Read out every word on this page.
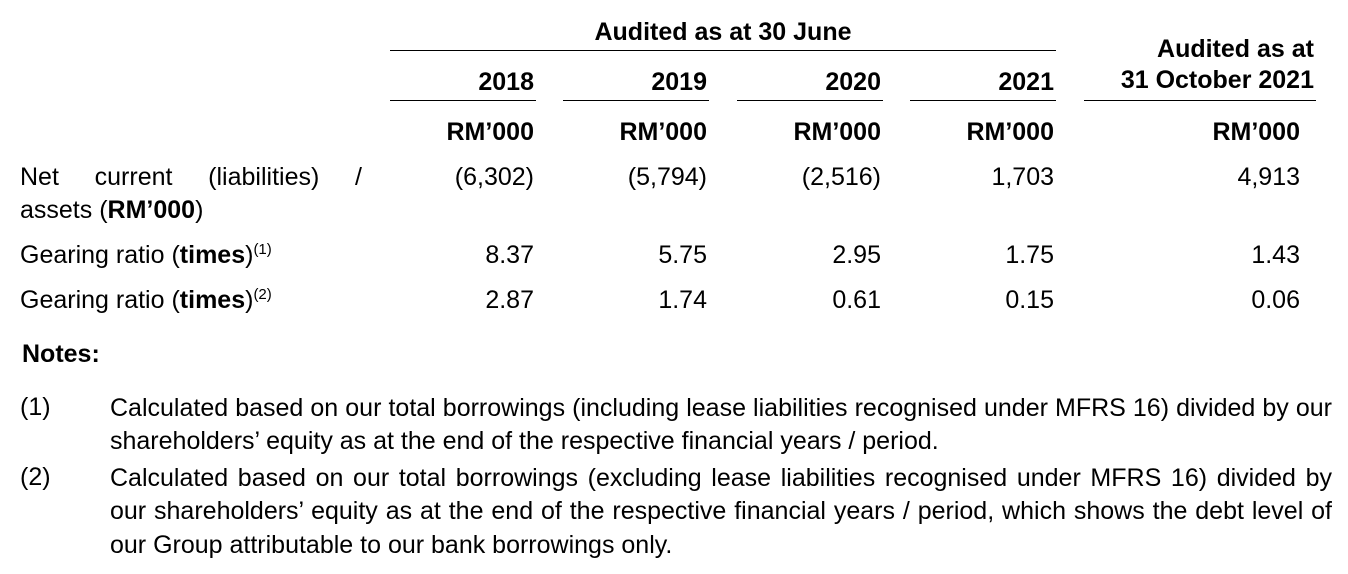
Audited as at 30 June
Audited as at
31 October 2021
2018	2019	2020	2021
RM’000	RM’000	RM’000	RM’000	RM’000
Net current (liabilities) /
assets (RM’000)
(6,302)	(5,794)	(2,516)	1,703	4,913
Gearing ratio (times)$^{(1)}$	8.37	5.75	2.95	1.75	1.43
Gearing ratio (times)$^{(2)}$	2.87	1.74	0.61	0.15	0.06
Notes:
(1) Calculated based on our total borrowings (including lease liabilities recognised under MFRS 16) divided by our shareholders’ equity as at the end of the respective financial years / period.
(2) Calculated based on our total borrowings (excluding lease liabilities recognised under MFRS 16) divided by our shareholders’ equity as at the end of the respective financial years / period, which shows the debt level of our Group attributable to our bank borrowings only.
